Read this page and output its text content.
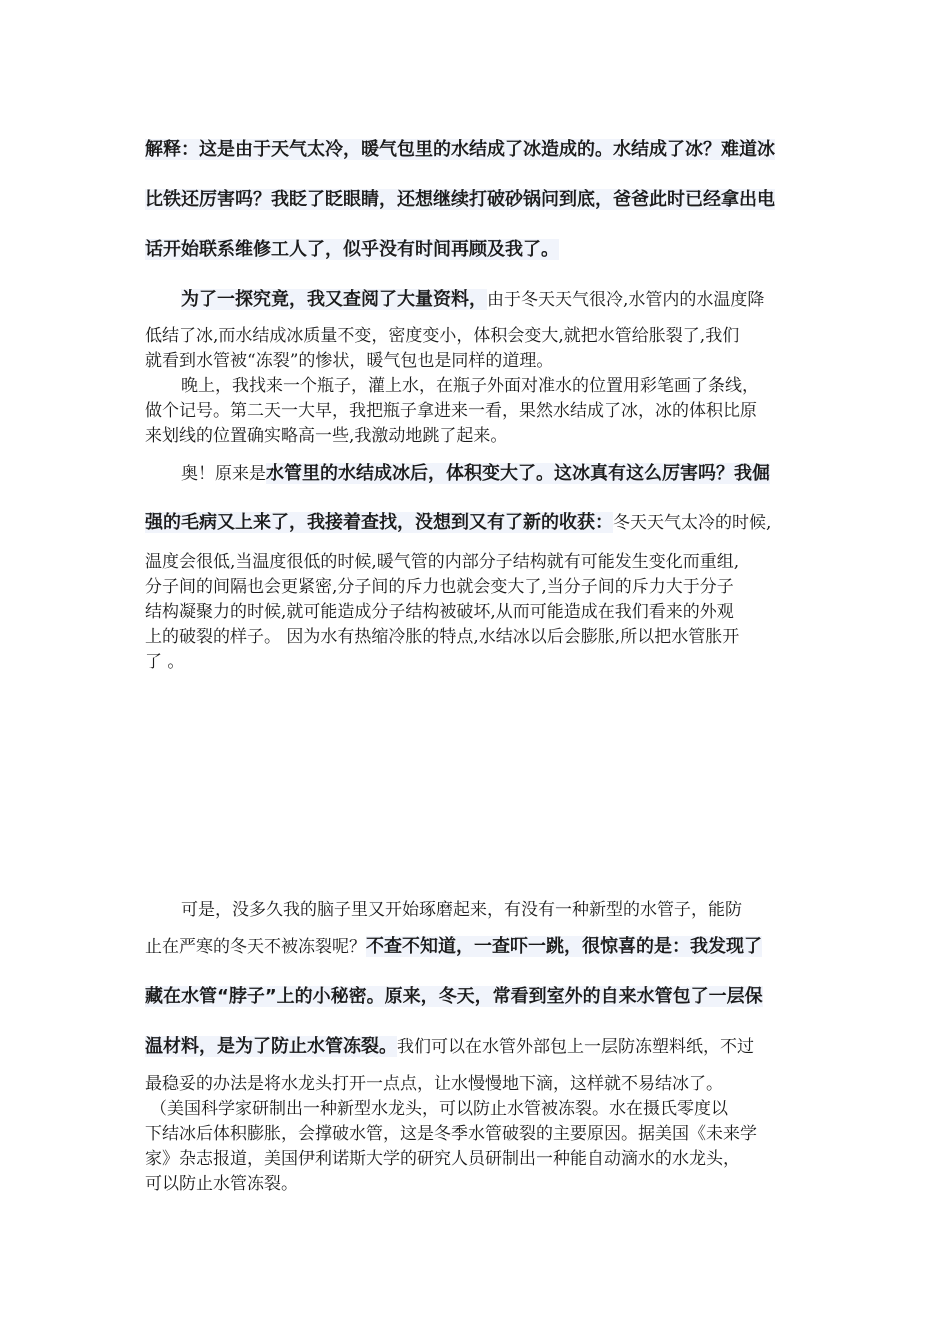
解释：这是由于天气太冷，暖气包里的水结成了冰造成的。水结成了冰？难道冰
比铁还厉害吗？我眨了眨眼睛，还想继续打破砂锅问到底，爸爸此时已经拿出电
话开始联系维修工人了，似乎没有时间再顾及我了。
为了一探究竟，我又查阅了大量资料，由于冬天天气很冷,水管内的水温度降
低结了冰,而水结成冰质量不变，密度变小，体积会变大,就把水管给胀裂了,我们
就看到水管被“冻裂”的惨状，暖气包也是同样的道理。
晚上，我找来一个瓶子，灌上水，在瓶子外面对准水的位置用彩笔画了条线，
做个记号。第二天一大早，我把瓶子拿进来一看，果然水结成了冰，冰的体积比原
来划线的位置确实略高一些,我激动地跳了起来。
奥！原来是水管里的水结成冰后，体积变大了。这冰真有这么厉害吗？我倔
强的毛病又上来了，我接着查找，没想到又有了新的收获：冬天天气太冷的时候,
温度会很低,当温度很低的时候,暖气管的内部分子结构就有可能发生变化而重组,
分子间的间隔也会更紧密,分子间的斥力也就会变大了,当分子间的斥力大于分子
结构凝聚力的时候,就可能造成分子结构被破坏,从而可能造成在我们看来的外观
上的破裂的样子。 因为水有热缩冷胀的特点,水结冰以后会膨胀,所以把水管胀开
了 。
可是，没多久我的脑子里又开始琢磨起来，有没有一种新型的水管子，能防
止在严寒的冬天不被冻裂呢？不查不知道，一查吓一跳，很惊喜的是：我发现了
藏在水管“脖子”上的小秘密。原来，冬天，常看到室外的自来水管包了一层保
温材料，是为了防止水管冻裂。我们可以在水管外部包上一层防冻塑料纸，不过
最稳妥的办法是将水龙头打开一点点，让水慢慢地下滴，这样就不易结冰了。
（美国科学家研制出一种新型水龙头，可以防止水管被冻裂。水在摄氏零度以
下结冰后体积膨胀，会撑破水管，这是冬季水管破裂的主要原因。据美国《未来学
家》杂志报道，美国伊利诺斯大学的研究人员研制出一种能自动滴水的水龙头，
可以防止水管冻裂。
